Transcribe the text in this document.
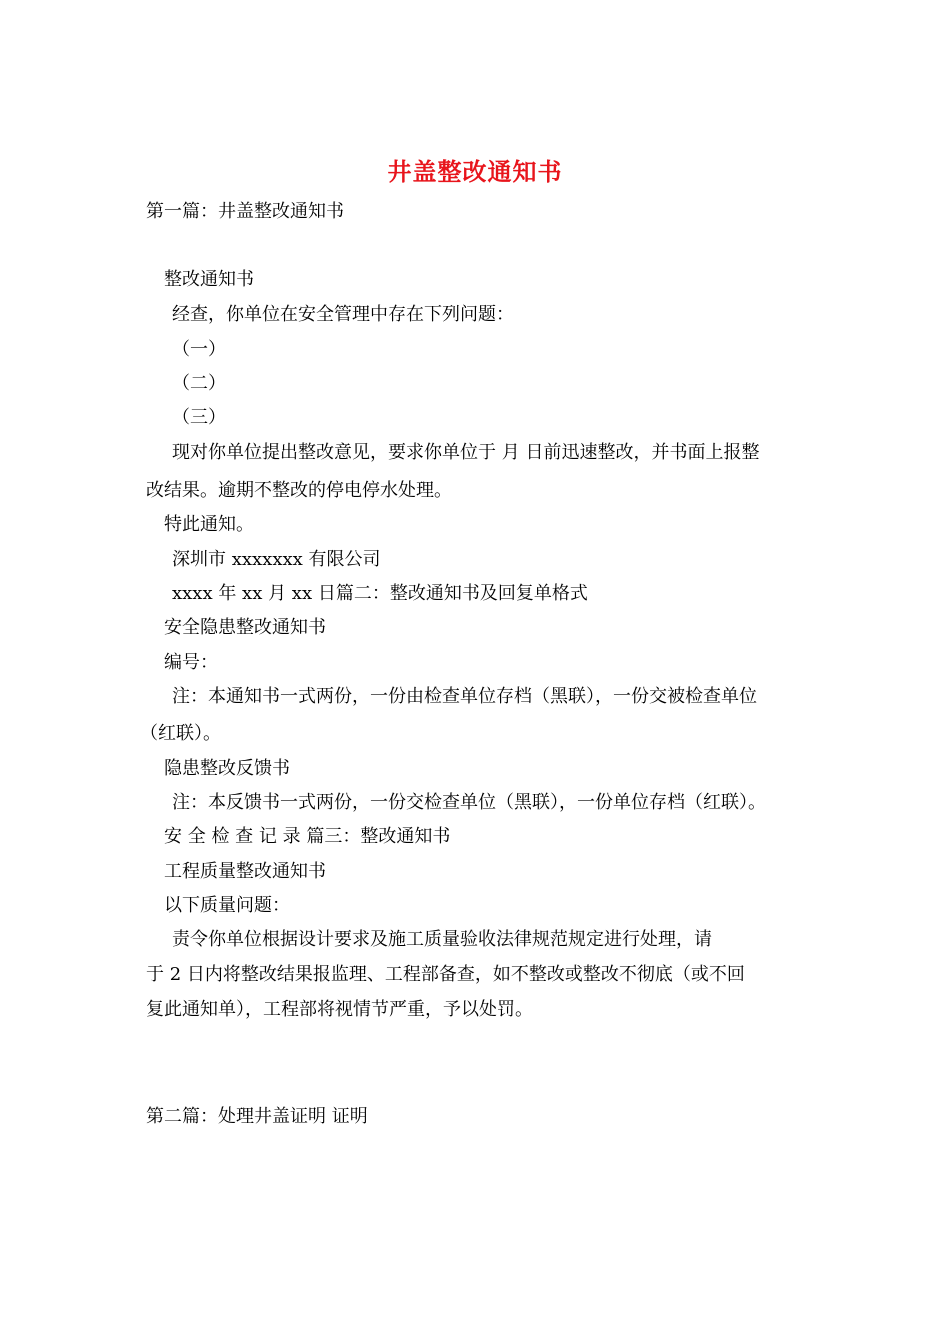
井盖整改通知书
第一篇：井盖整改通知书
整改通知书
经查，你单位在安全管理中存在下列问题：
（一）
（二）
（三）
现对你单位提出整改意见，要求你单位于 月 日前迅速整改，并书面上报整
改结果。逾期不整改的停电停水处理。
特此通知。
深圳市 xxxxxxx 有限公司
xxxx 年 xx 月 xx 日篇二：整改通知书及回复单格式
安全隐患整改通知书
编号：
注：本通知书一式两份，一份由检查单位存档（黑联），一份交被检查单位
（红联）。
隐患整改反馈书
注：本反馈书一式两份，一份交检查单位（黑联），一份单位存档（红联）。
安 全 检 查 记 录 篇三：整改通知书
工程质量整改通知书
以下质量问题：
责令你单位根据设计要求及施工质量验收法律规范规定进行处理，请
于 2 日内将整改结果报监理、工程部备查，如不整改或整改不彻底（或不回
复此通知单），工程部将视情节严重，予以处罚。
第二篇：处理井盖证明 证明
